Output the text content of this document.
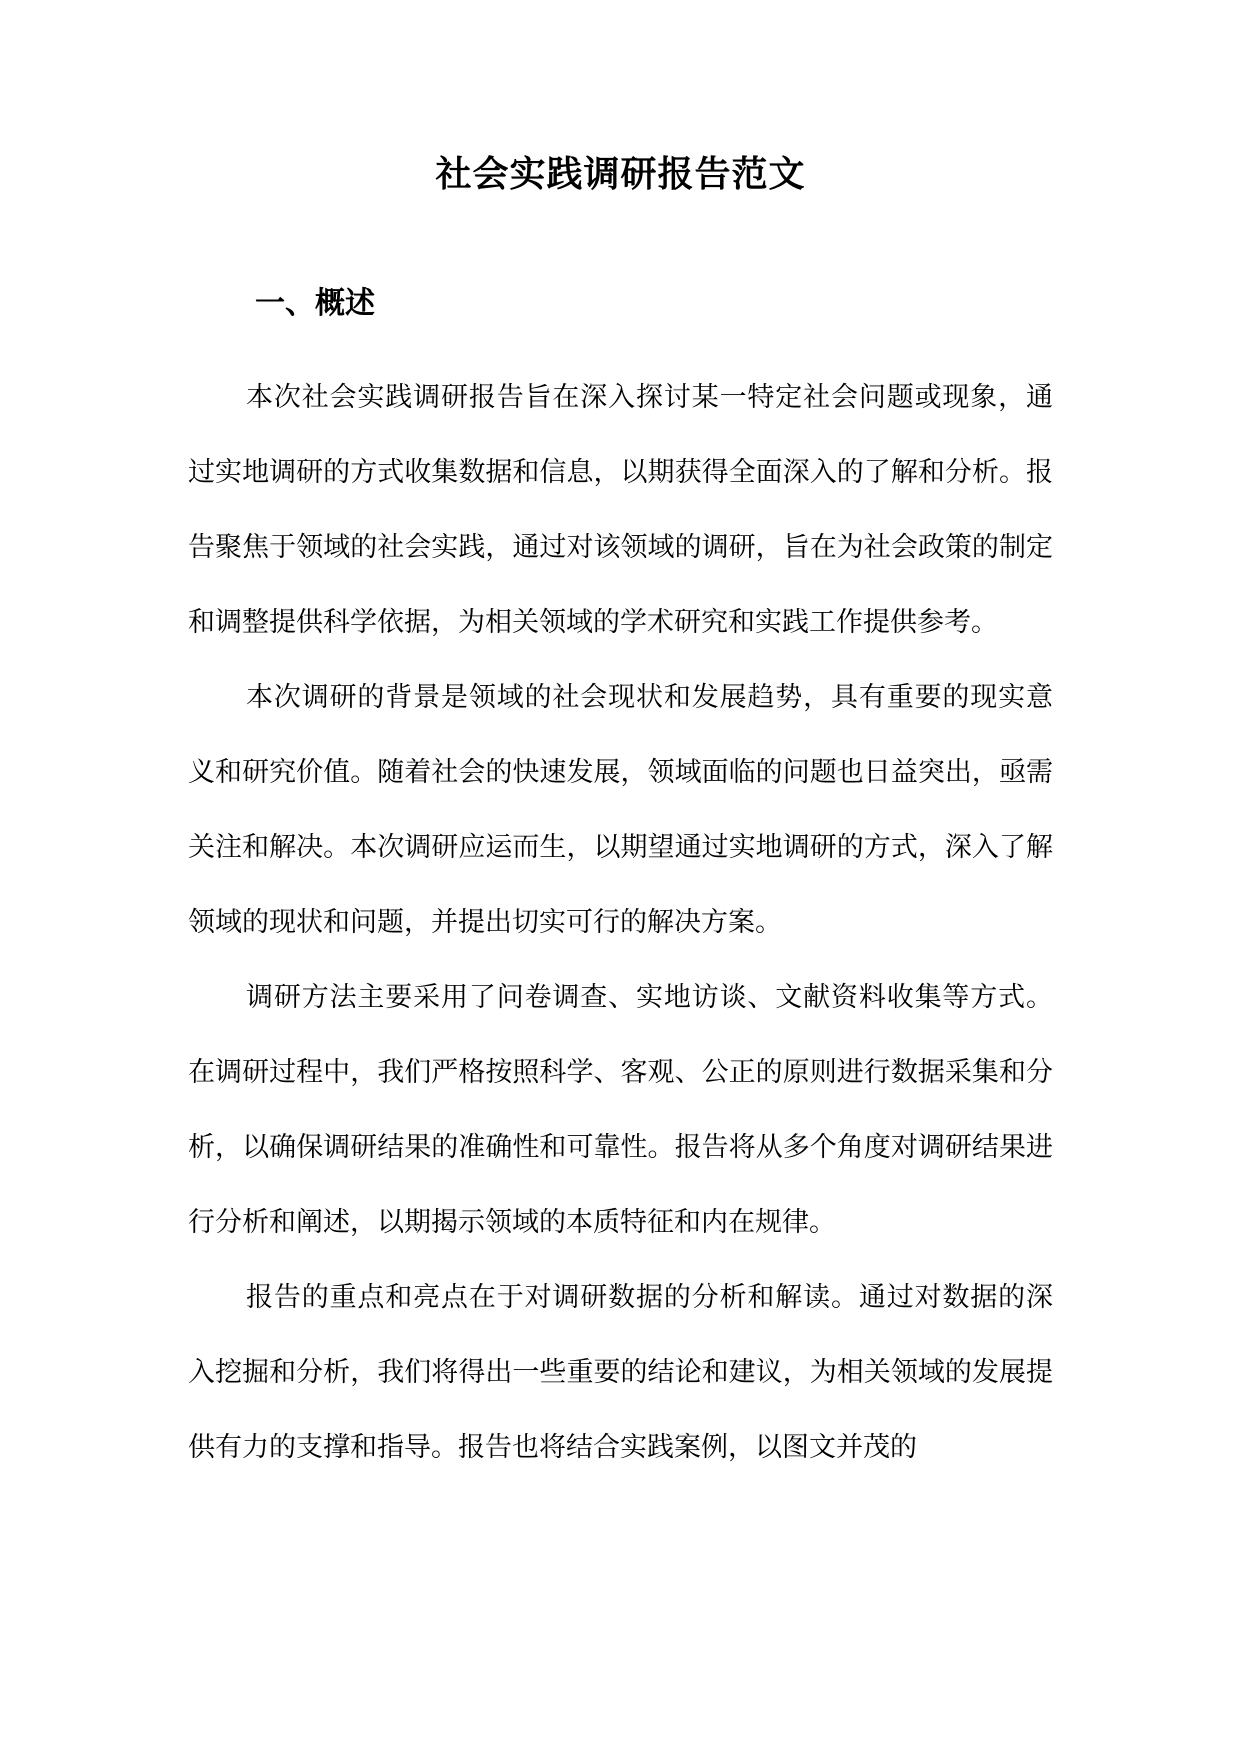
社会实践调研报告范文
一、概述

本次社会实践调研报告旨在深入探讨某一特定社会问题或现象，通过实地调研的方式收集数据和信息，以期获得全面深入的了解和分析。报告聚焦于领域的社会实践，通过对该领域的调研，旨在为社会政策的制定和调整提供科学依据，为相关领域的学术研究和实践工作提供参考。

本次调研的背景是领域的社会现状和发展趋势，具有重要的现实意义和研究价值。随着社会的快速发展，领域面临的问题也日益突出，亟需关注和解决。本次调研应运而生，以期望通过实地调研的方式，深入了解领域的现状和问题，并提出切实可行的解决方案。

调研方法主要采用了问卷调查、实地访谈、文献资料收集等方式。在调研过程中，我们严格按照科学、客观、公正的原则进行数据采集和分析，以确保调研结果的准确性和可靠性。报告将从多个角度对调研结果进行分析和阐述，以期揭示领域的本质特征和内在规律。

报告的重点和亮点在于对调研数据的分析和解读。通过对数据的深入挖掘和分析，我们将得出一些重要的结论和建议，为相关领域的发展提供有力的支撑和指导。报告也将结合实践案例，以图文并茂的
